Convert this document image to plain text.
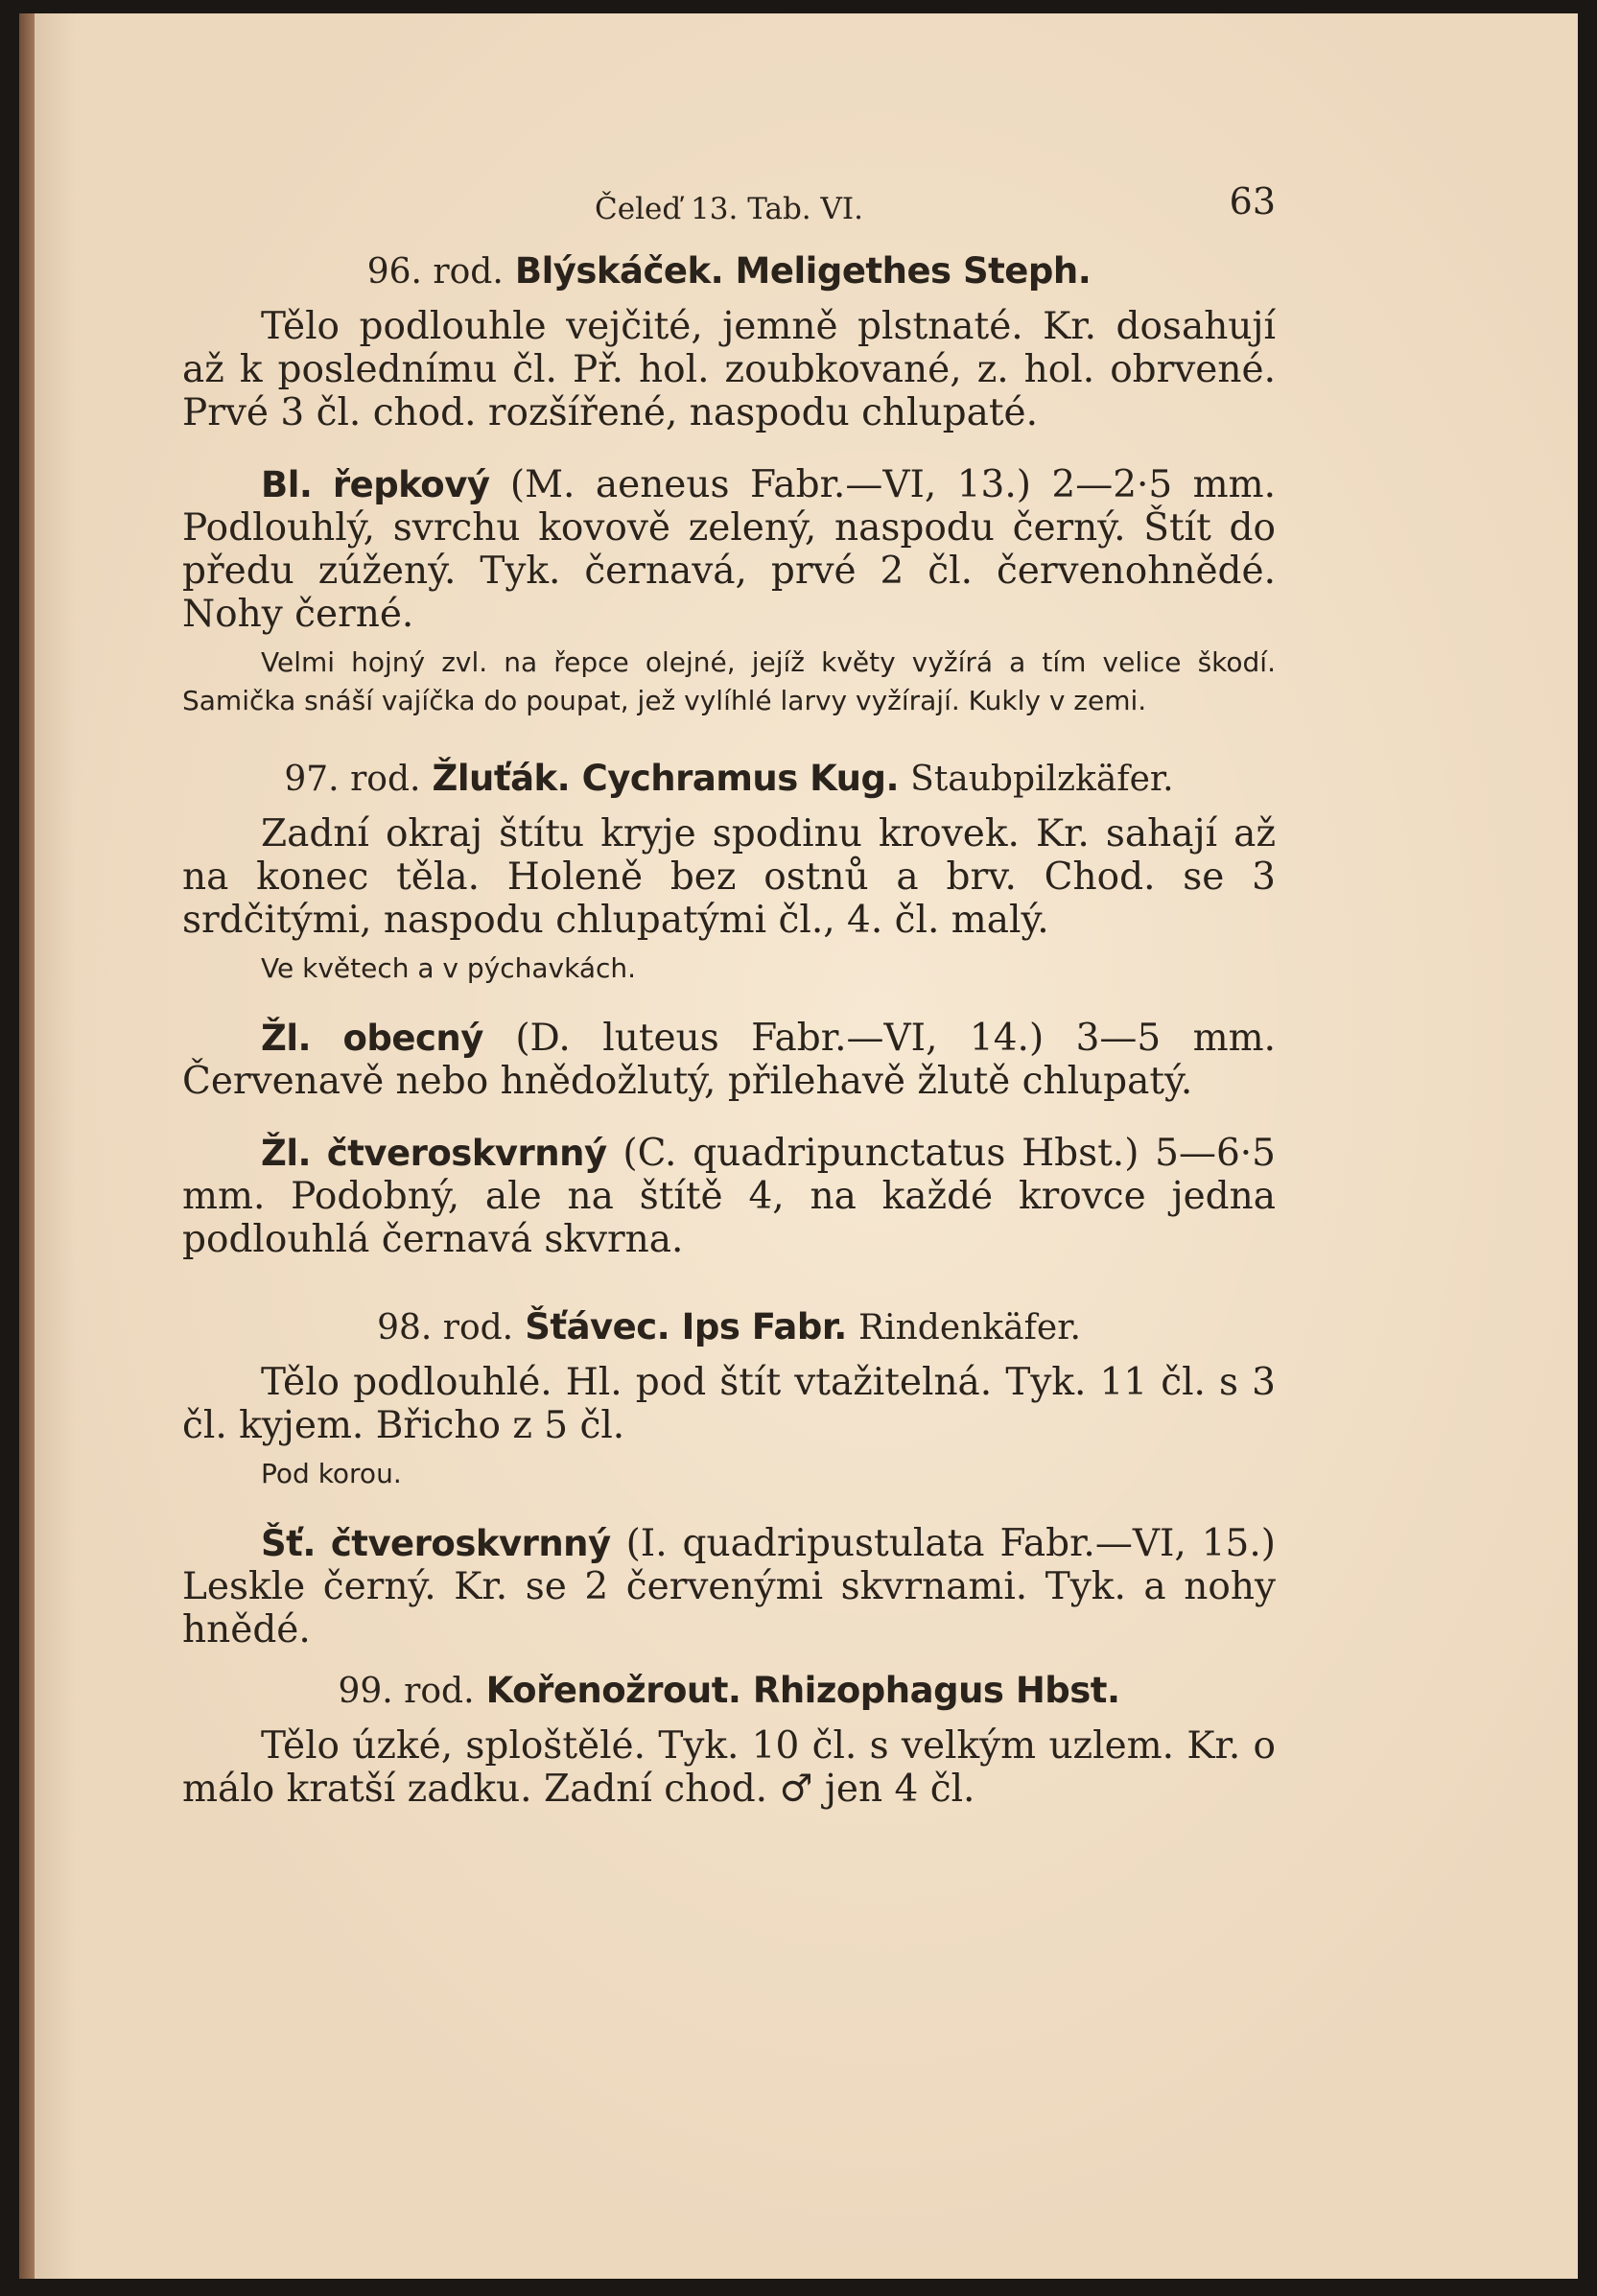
Čeleď 13. Tab. VI.	63
96. rod. Blýskáček. Meligethes Steph.

Tělo podlouhle vejčité, jemně plstnaté. Kr. dosahují až k poslednímu čl. Př. hol. zoubkované, z. hol. obrvené. Prvé 3 čl. chod. rozšířené, naspodu chlupaté.

Bl. řepkový (M. aeneus Fabr.—VI, 13.) 2—2·5 mm. Podlouhlý, svrchu kovově zelený, naspodu černý. Štít do předu zúžený. Tyk. černavá, prvé 2 čl. červenohnědé. Nohy černé.

Velmi hojný zvl. na řepce olejné, jejíž květy vyžírá a tím velice škodí. Samička snáší vajíčka do poupat, jež vylíhlé larvy vyžírají. Kukly v zemi.

97. rod. Žluťák. Cychramus Kug. Staubpilzkäfer.

Zadní okraj štítu kryje spodinu krovek. Kr. sahají až na konec těla. Holeně bez ostnů a brv. Chod. se 3 srdčitými, naspodu chlupatými čl., 4. čl. malý.

Ve květech a v pýchavkách.

Žl. obecný (D. luteus Fabr.—VI, 14.) 3—5 mm. Červenavě nebo hnědožlutý, přilehavě žlutě chlupatý.

Žl. čtveroskvrnný (C. quadripunctatus Hbst.) 5—6·5 mm. Podobný, ale na štítě 4, na každé krovce jedna podlouhlá černavá skvrna.

98. rod. Šťávec. Ips Fabr. Rindenkäfer.

Tělo podlouhlé. Hl. pod štít vtažitelná. Tyk. 11 čl. s 3 čl. kyjem. Břicho z 5 čl.

Pod korou.

Šť. čtveroskvrnný (I. quadripustulata Fabr.—VI, 15.) Leskle černý. Kr. se 2 červenými skvrnami. Tyk. a nohy hnědé.

99. rod. Kořenožrout. Rhizophagus Hbst.

Tělo úzké, sploštělé. Tyk. 10 čl. s velkým uzlem. Kr. o málo kratší zadku. Zadní chod. ♂ jen 4 čl.
